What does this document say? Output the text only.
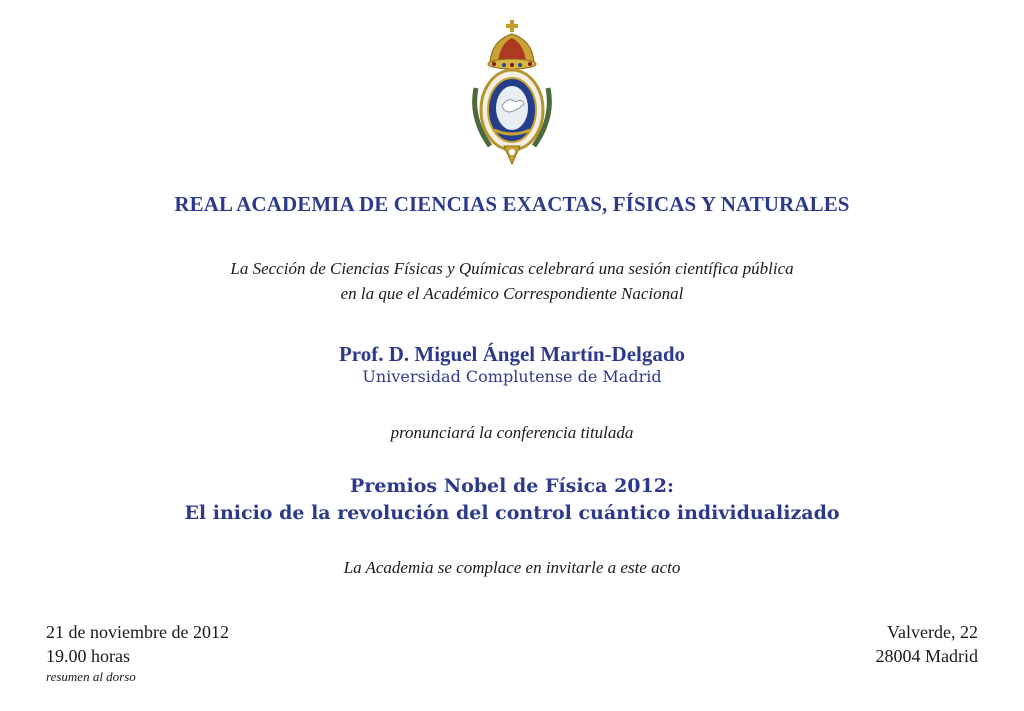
REAL ACADEMIA DE CIENCIAS EXACTAS, FÍSICAS Y NATURALES
La Sección de Ciencias Físicas y Químicas celebrará una sesión científica pública
en la que el Académico Correspondiente Nacional
Prof. D. Miguel Ángel Martín-Delgado
Universidad Complutense de Madrid
pronunciará la conferencia titulada
Premios Nobel de Física 2012:
El inicio de la revolución del control cuántico individualizado
La Academia se complace en invitarle a este acto
21 de noviembre de 2012
19.00 horas
resumen al dorso
Valverde, 22
28004 Madrid
